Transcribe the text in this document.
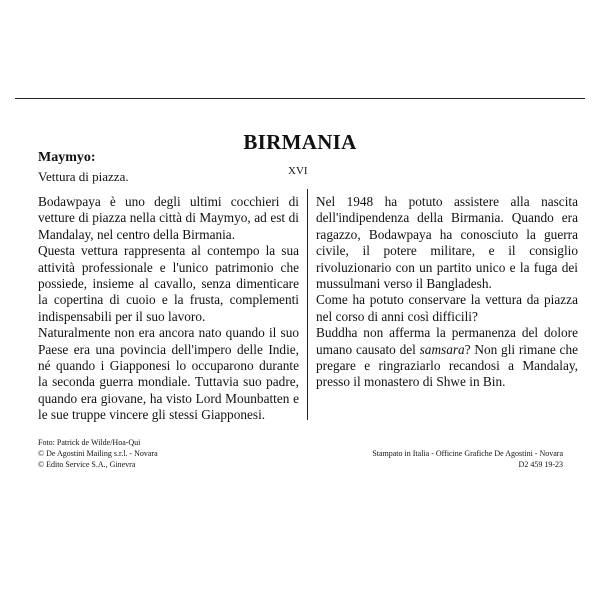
BIRMANIA
Maymyo:
XVI
Vettura di piazza.

Bodawpaya è uno degli ultimi cocchieri di vetture di piazza nella città di Maymyo, ad est di Mandalay, nel centro della Birmania.

Questa vettura rappresenta al contempo la sua attività professionale e l'unico patrimonio che possiede, insieme al cavallo, senza dimenticare la copertina di cuoio e la frusta, complementi indispensabili per il suo lavoro.

Naturalmente non era ancora nato quando il suo Paese era una povincia dell'impero delle Indie, né quando i Giapponesi lo occuparono durante la seconda guerra mondiale. Tuttavia suo padre, quando era giovane, ha visto Lord Mounbatten e le sue truppe vincere gli stessi Giapponesi.

Nel 1948 ha potuto assistere alla nascita dell'indipendenza della Birmania. Quando era ragazzo, Bodawpaya ha conosciuto la guerra civile, il potere militare, e il consiglio rivoluzionario con un partito unico e la fuga dei mussulmani verso il Bangladesh.

Come ha potuto conservare la vettura da piazza nel corso di anni così difficili?

Buddha non afferma la permanenza del dolore umano causato del samsara? Non gli rimane che pregare e ringraziarlo recandosi a Mandalay, presso il monastero di Shwe in Bin.

Foto: Patrick de Wilde/Hoa-Qui
© De Agostini Mailing s.r.l. - Novara
© Edito Service S.A., Ginevra
Stampato in Italia - Officine Grafiche De Agostini - Novara
D2 459 19-23
